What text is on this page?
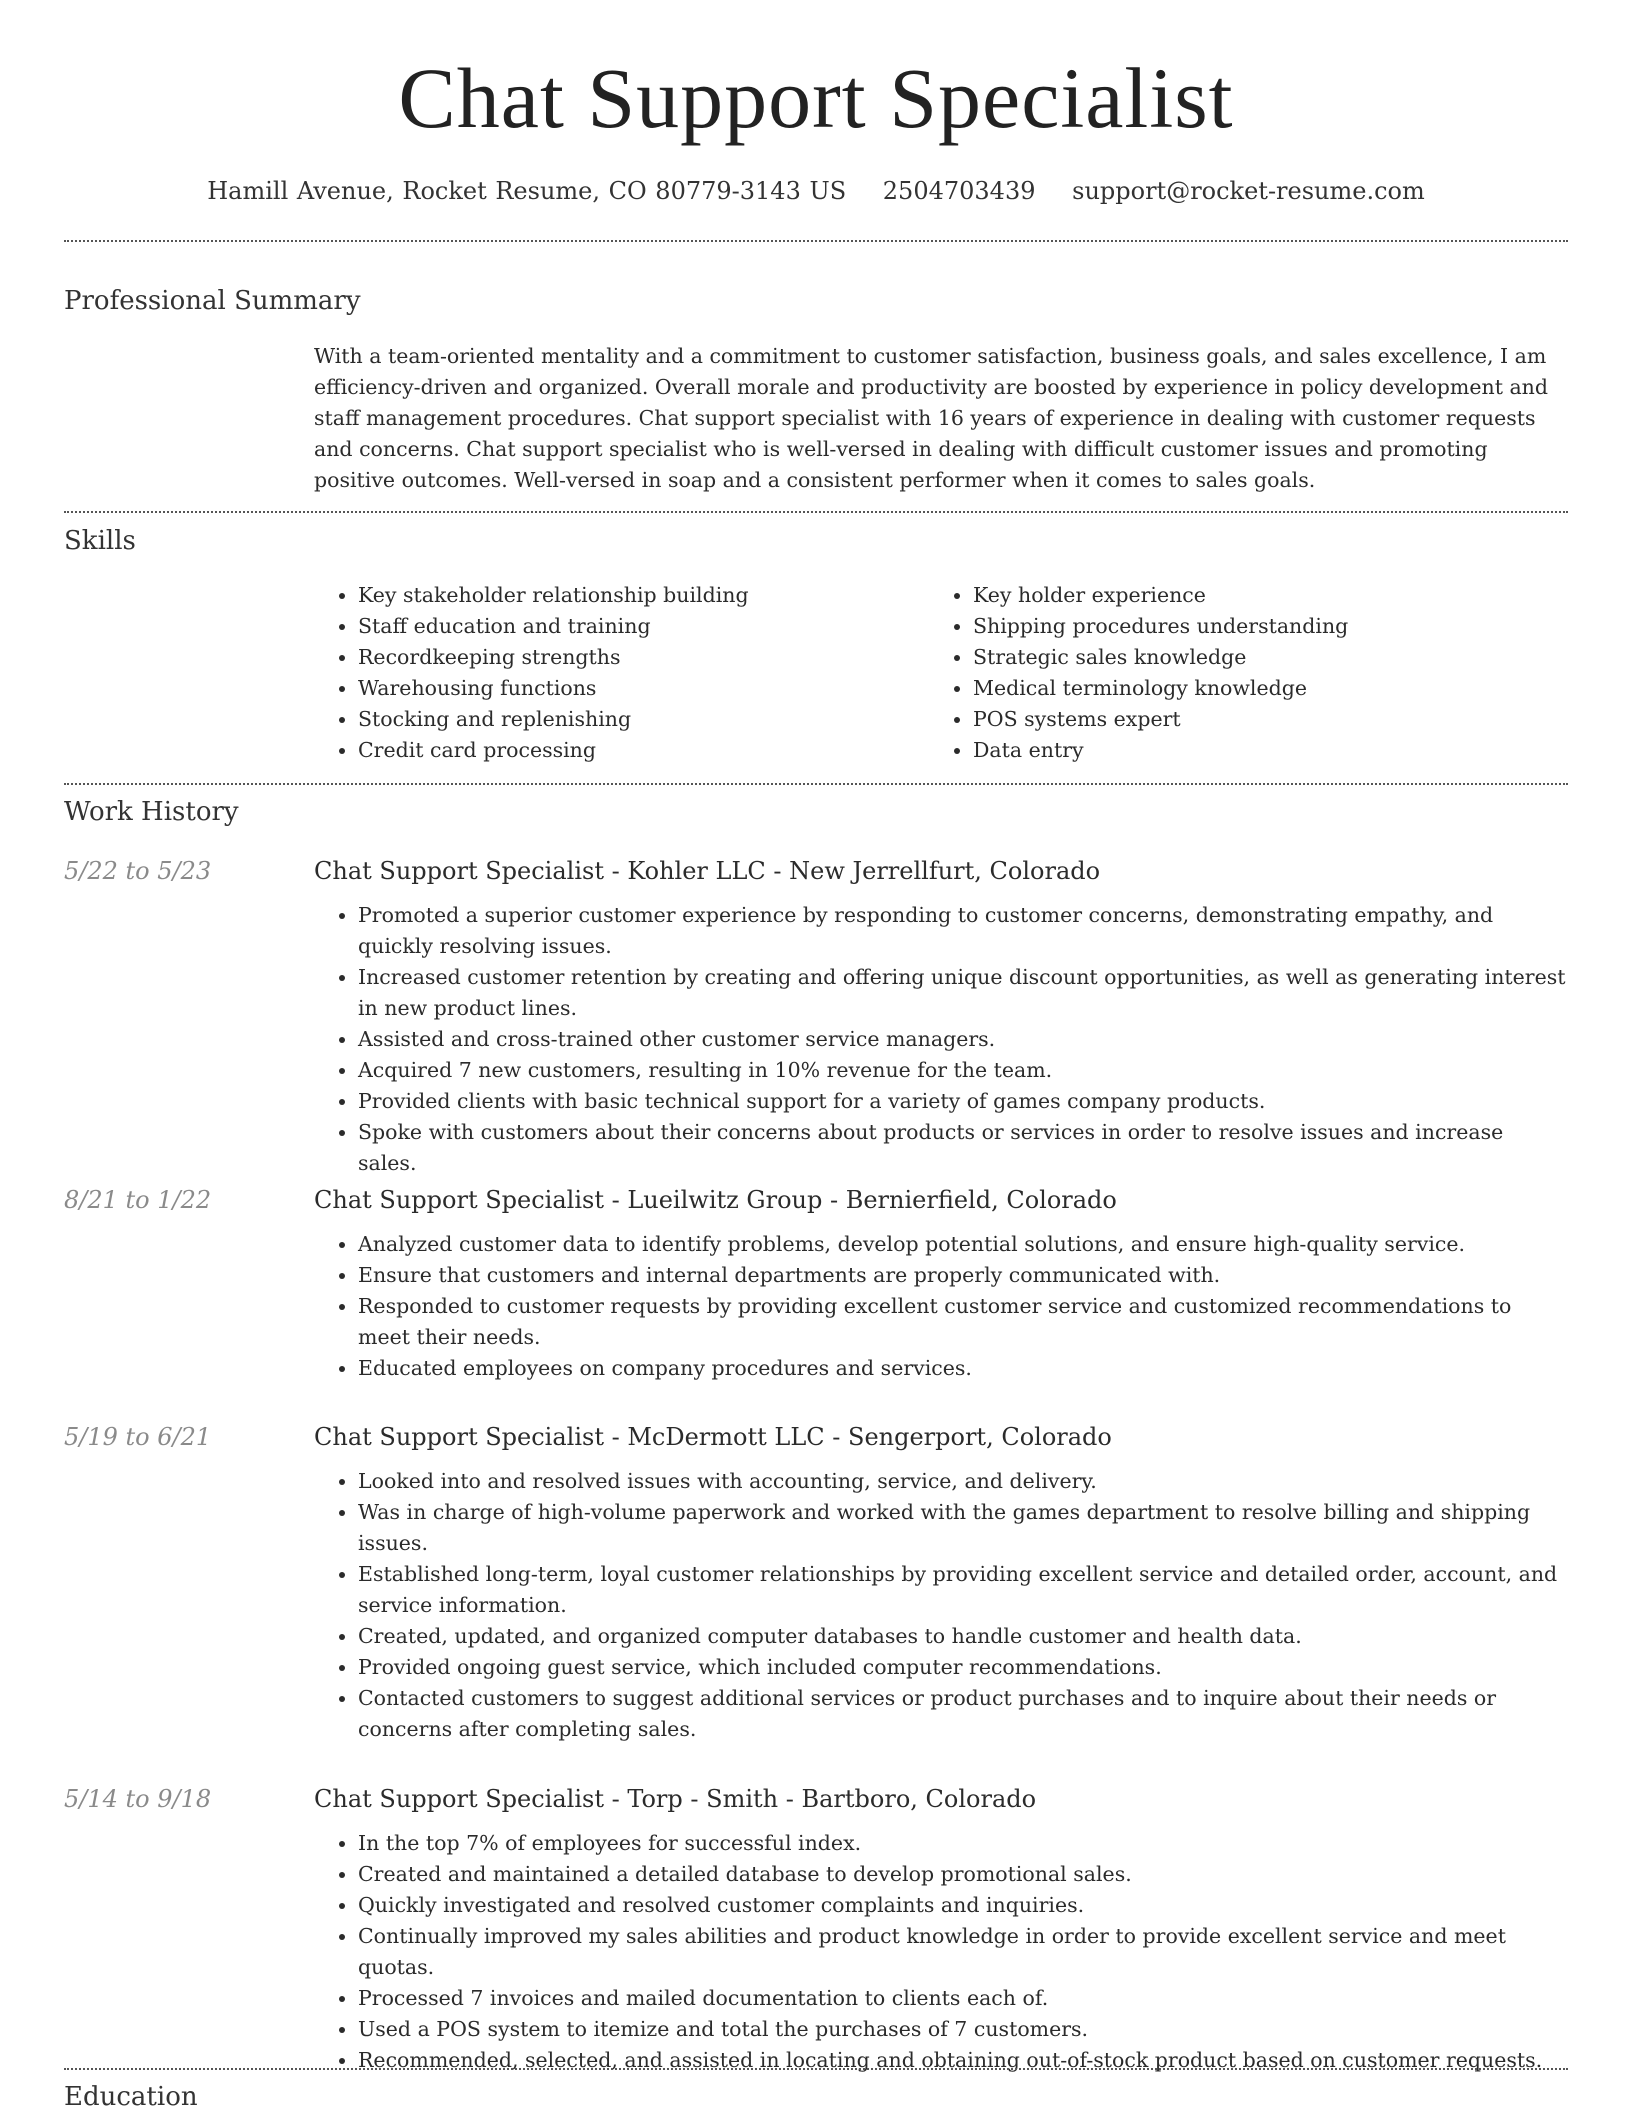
Chat Support Specialist
Hamill Avenue, Rocket Resume, CO 80779-3143 US 2504703439 support@rocket-resume.com
Professional Summary

With a team-oriented mentality and a commitment to customer satisfaction, business goals, and sales excellence, I am efficiency-driven and organized. Overall morale and productivity are boosted by experience in policy development and staff management procedures. Chat support specialist with 16 years of experience in dealing with customer requests and concerns. Chat support specialist who is well-versed in dealing with difficult customer issues and promoting positive outcomes. Well-versed in soap and a consistent performer when it comes to sales goals.

Skills
• Key stakeholder relationship building
• Staff education and training
• Recordkeeping strengths
• Warehousing functions
• Stocking and replenishing
• Credit card processing
• Key holder experience
• Shipping procedures understanding
• Strategic sales knowledge
• Medical terminology knowledge
• POS systems expert
• Data entry
Work History
5/22 to 5/23	Chat Support Specialist - Kohler LLC - New Jerrellfurt, Colorado
• Promoted a superior customer experience by responding to customer concerns, demonstrating empathy, and quickly resolving issues.
• Increased customer retention by creating and offering unique discount opportunities, as well as generating interest in new product lines.
• Assisted and cross-trained other customer service managers.
• Acquired 7 new customers, resulting in 10% revenue for the team.
• Provided clients with basic technical support for a variety of games company products.
• Spoke with customers about their concerns about products or services in order to resolve issues and increase sales.
8/21 to 1/22	Chat Support Specialist - Lueilwitz Group - Bernierfield, Colorado
• Analyzed customer data to identify problems, develop potential solutions, and ensure high-quality service.
• Ensure that customers and internal departments are properly communicated with.
• Responded to customer requests by providing excellent customer service and customized recommendations to meet their needs.
• Educated employees on company procedures and services.
5/19 to 6/21	Chat Support Specialist - McDermott LLC - Sengerport, Colorado
• Looked into and resolved issues with accounting, service, and delivery.
• Was in charge of high-volume paperwork and worked with the games department to resolve billing and shipping issues.
• Established long-term, loyal customer relationships by providing excellent service and detailed order, account, and service information.
• Created, updated, and organized computer databases to handle customer and health data.
• Provided ongoing guest service, which included computer recommendations.
• Contacted customers to suggest additional services or product purchases and to inquire about their needs or concerns after completing sales.
5/14 to 9/18	Chat Support Specialist - Torp - Smith - Bartboro, Colorado
• In the top 7% of employees for successful index.
• Created and maintained a detailed database to develop promotional sales.
• Quickly investigated and resolved customer complaints and inquiries.
• Continually improved my sales abilities and product knowledge in order to provide excellent service and meet quotas.
• Processed 7 invoices and mailed documentation to clients each of.
• Used a POS system to itemize and total the purchases of 7 customers.
• Recommended, selected, and assisted in locating and obtaining out-of-stock product based on customer requests.
Education
